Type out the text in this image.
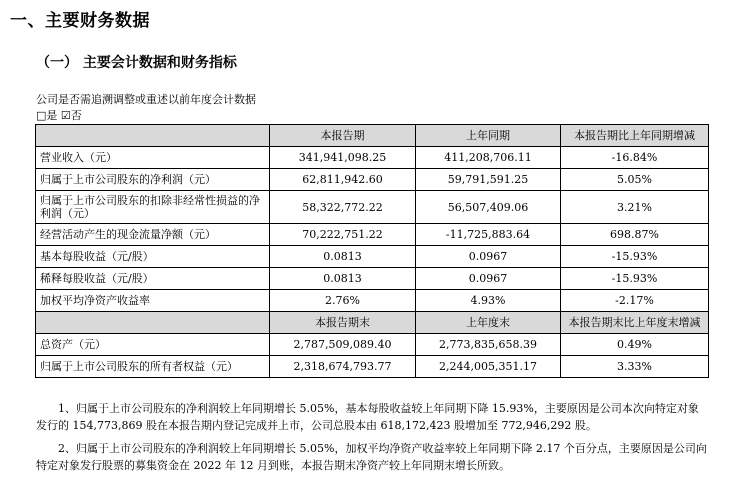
一、主要财务数据
（一） 主要会计数据和财务指标
公司是否需追溯调整或重述以前年度会计数据
□是 ☑否
	本报告期	上年同期	本报告期比上年同期增减
营业收入（元）	341,941,098.25	411,208,706.11	-16.84%
归属于上市公司股东的净利润（元）	62,811,942.60	59,791,591.25	5.05%
归属于上市公司股东的扣除非经常性损益的净利润（元）	58,322,772.22	56,507,409.06	3.21%
经营活动产生的现金流量净额（元）	70,222,751.22	-11,725,883.64	698.87%
基本每股收益（元/股）	0.0813	0.0967	-15.93%
稀释每股收益（元/股）	0.0813	0.0967	-15.93%
加权平均净资产收益率	2.76%	4.93%	-2.17%
	本报告期末	上年度末	本报告期末比上年度末增减
总资产（元）	2,787,509,089.40	2,773,835,658.39	0.49%
归属于上市公司股东的所有者权益（元）	2,318,674,793.77	2,244,005,351.17	3.33%
1、归属于上市公司股东的净利润较上年同期增长 5.05%，基本每股收益较上年同期下降 15.93%，主要原因是公司本次向特定对象发行的 154,773,869 股在本报告期内登记完成并上市，公司总股本由 618,172,423 股增加至 772,946,292 股。
2、归属于上市公司股东的净利润较上年同期增长 5.05%，加权平均净资产收益率较上年同期下降 2.17 个百分点，主要原因是公司向特定对象发行股票的募集资金在 2022 年 12 月到账，本报告期末净资产较上年同期末增长所致。
